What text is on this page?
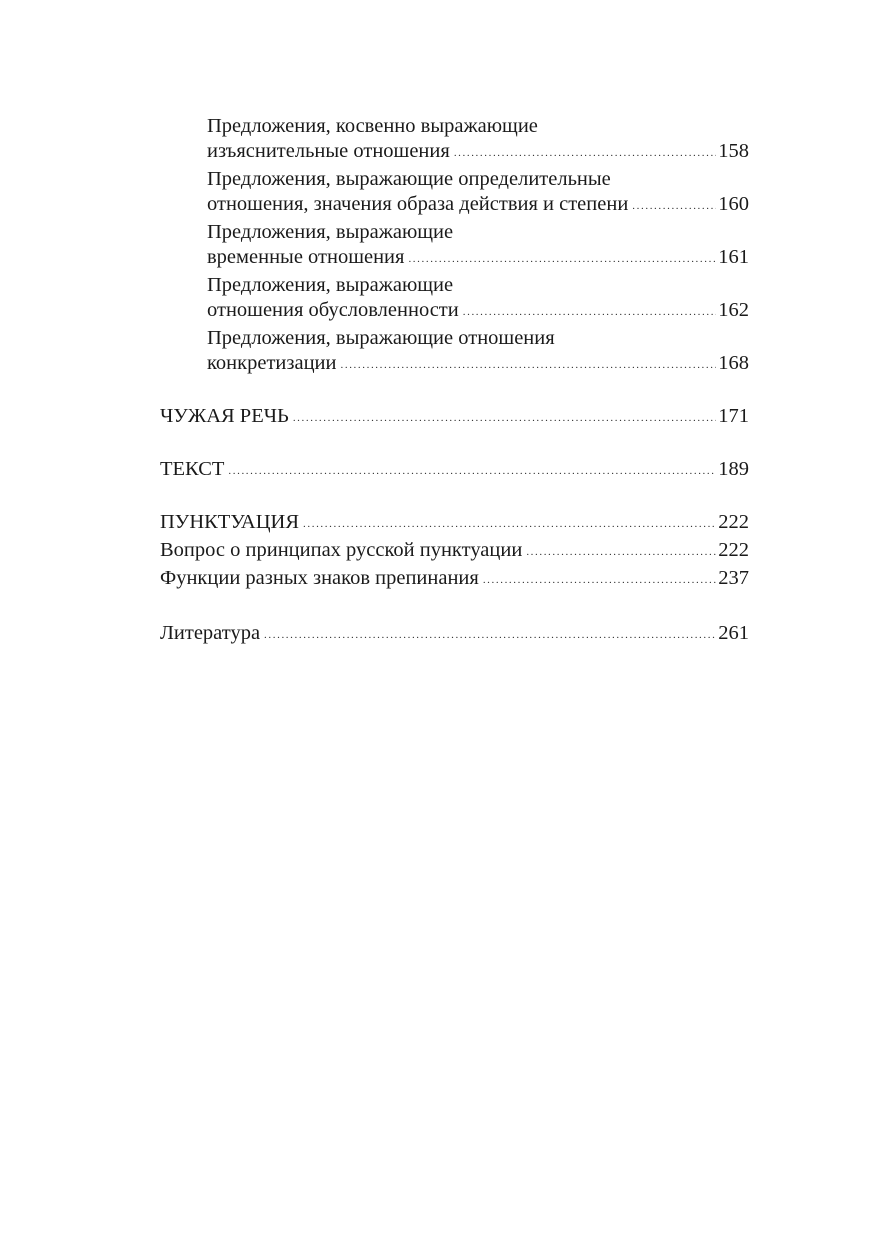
Предложения, косвенно выражающие
изъяснительные отношения .....	158
Предложения, выражающие определительные
отношения, значения образа действия и степени .....	160
Предложения, выражающие
временные отношения .....	161
Предложения, выражающие
отношения обусловленности .....	162
Предложения, выражающие отношения
конкретизации .....	168
ЧУЖАЯ РЕЧЬ .....	171
ТЕКСТ .....	189
ПУНКТУАЦИЯ .....	222
Вопрос о принципах русской пунктуации .....	222
Функции разных знаков препинания .....	237
Литература .....	261
